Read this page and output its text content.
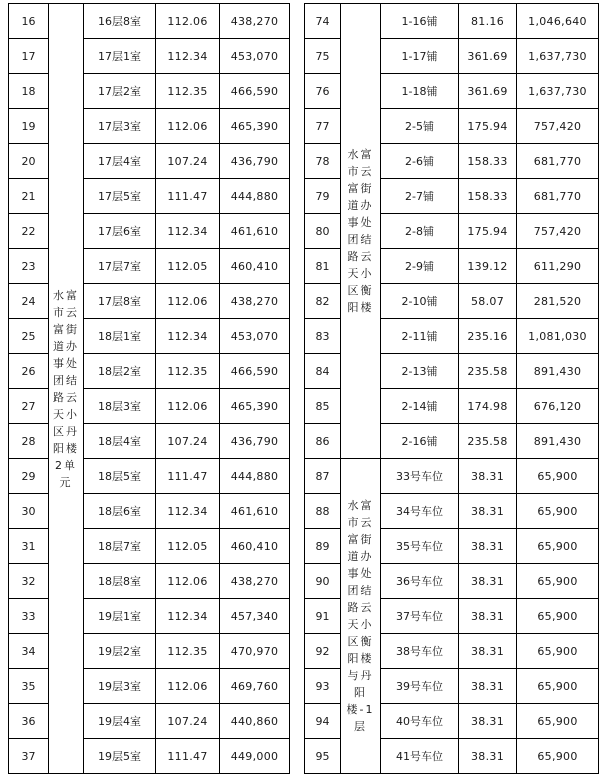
16	水富市云富街道办事处团结路云天小区丹阳楼2单元	16层8室	112.06	438,270
17		17层1室	112.34	453,070
18		17层2室	112.35	466,590
19		17层3室	112.06	465,390
20		17层4室	107.24	436,790
21		17层5室	111.47	444,880
22		17层6室	112.34	461,610
23		17层7室	112.05	460,410
24		17层8室	112.06	438,270
25		18层1室	112.34	453,070
26		18层2室	112.35	466,590
27		18层3室	112.06	465,390
28		18层4室	107.24	436,790
29		18层5室	111.47	444,880
30		18层6室	112.34	461,610
31		18层7室	112.05	460,410
32		18层8室	112.06	438,270
33		19层1室	112.34	457,340
34		19层2室	112.35	470,970
35		19层3室	112.06	469,760
36		19层4室	107.24	440,860
37		19层5室	111.47	449,000
74	水富市云富街道办事处团结路云天小区衡阳楼	1-16铺	81.16	1,046,640
75		1-17铺	361.69	1,637,730
76		1-18铺	361.69	1,637,730
77		2-5铺	175.94	757,420
78		2-6铺	158.33	681,770
79		2-7铺	158.33	681,770
80		2-8铺	175.94	757,420
81		2-9铺	139.12	611,290
82		2-10铺	58.07	281,520
83		2-11铺	235.16	1,081,030
84		2-13铺	235.58	891,430
85		2-14铺	174.98	676,120
86		2-16铺	235.58	891,430
87	水富市云富街道办事处团结路云天小区衡阳楼与丹阳楼-1层	33号车位	38.31	65,900
88		34号车位	38.31	65,900
89		35号车位	38.31	65,900
90		36号车位	38.31	65,900
91		37号车位	38.31	65,900
92		38号车位	38.31	65,900
93		39号车位	38.31	65,900
94		40号车位	38.31	65,900
95		41号车位	38.31	65,900
